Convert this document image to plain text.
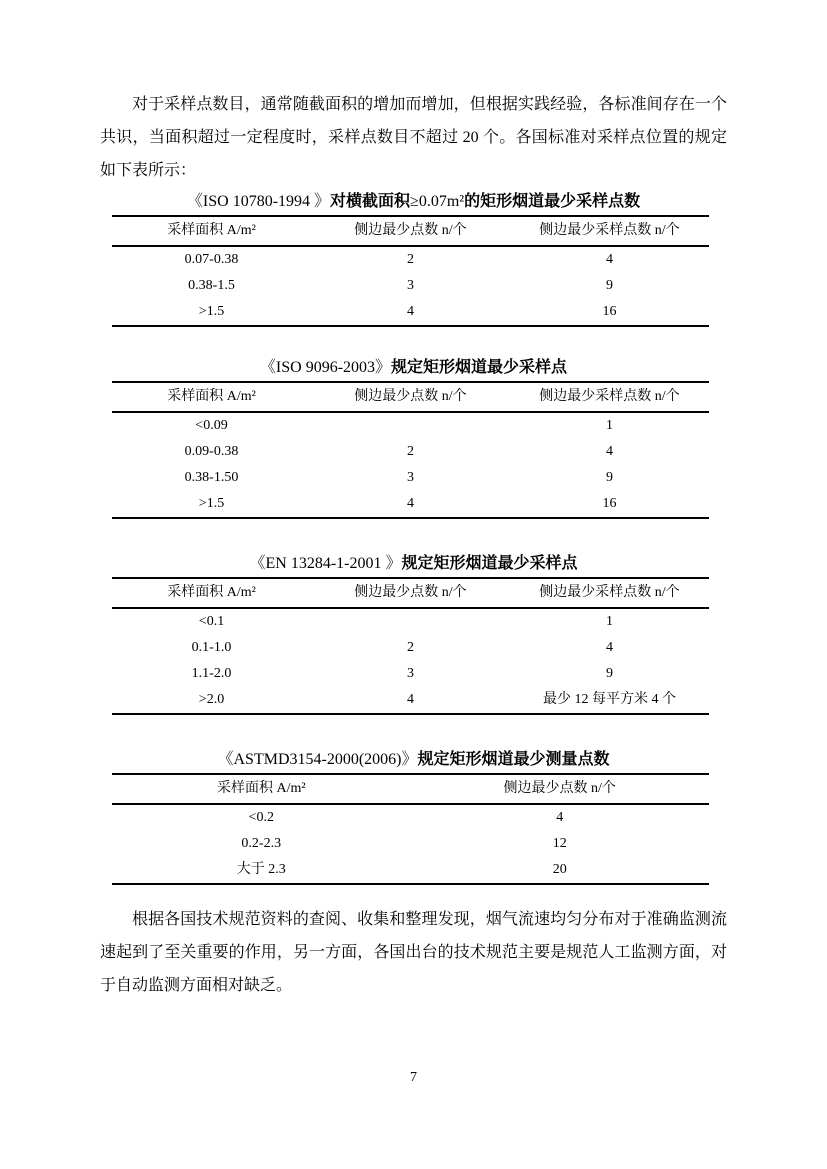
对于采样点数目，通常随截面积的增加而增加，但根据实践经验，各标准间存在一个共识，当面积超过一定程度时，采样点数目不超过 20 个。各国标准对采样点位置的规定如下表所示：

《ISO 10780-1994 》对横截面积≥0.07m²的矩形烟道最少采样点数
采样面积 A/m²	侧边最少点数 n/个	侧边最少采样点数 n/个
0.07-0.38	2	4
0.38-1.5	3	9
>1.5	4	16
《ISO 9096-2003》规定矩形烟道最少采样点
采样面积 A/m²	侧边最少点数 n/个	侧边最少采样点数 n/个
<0.09		1
0.09-0.38	2	4
0.38-1.50	3	9
>1.5	4	16
《EN 13284-1-2001 》规定矩形烟道最少采样点
采样面积 A/m²	侧边最少点数 n/个	侧边最少采样点数 n/个
<0.1		1
0.1-1.0	2	4
1.1-2.0	3	9
>2.0	4	最少 12 每平方米 4 个
《ASTMD3154-2000(2006)》规定矩形烟道最少测量点数
采样面积 A/m²	侧边最少点数 n/个
<0.2	4
0.2-2.3	12
大于 2.3	20

根据各国技术规范资料的查阅、收集和整理发现，烟气流速均匀分布对于准确监测流速起到了至关重要的作用，另一方面，各国出台的技术规范主要是规范人工监测方面，对于自动监测方面相对缺乏。

7
